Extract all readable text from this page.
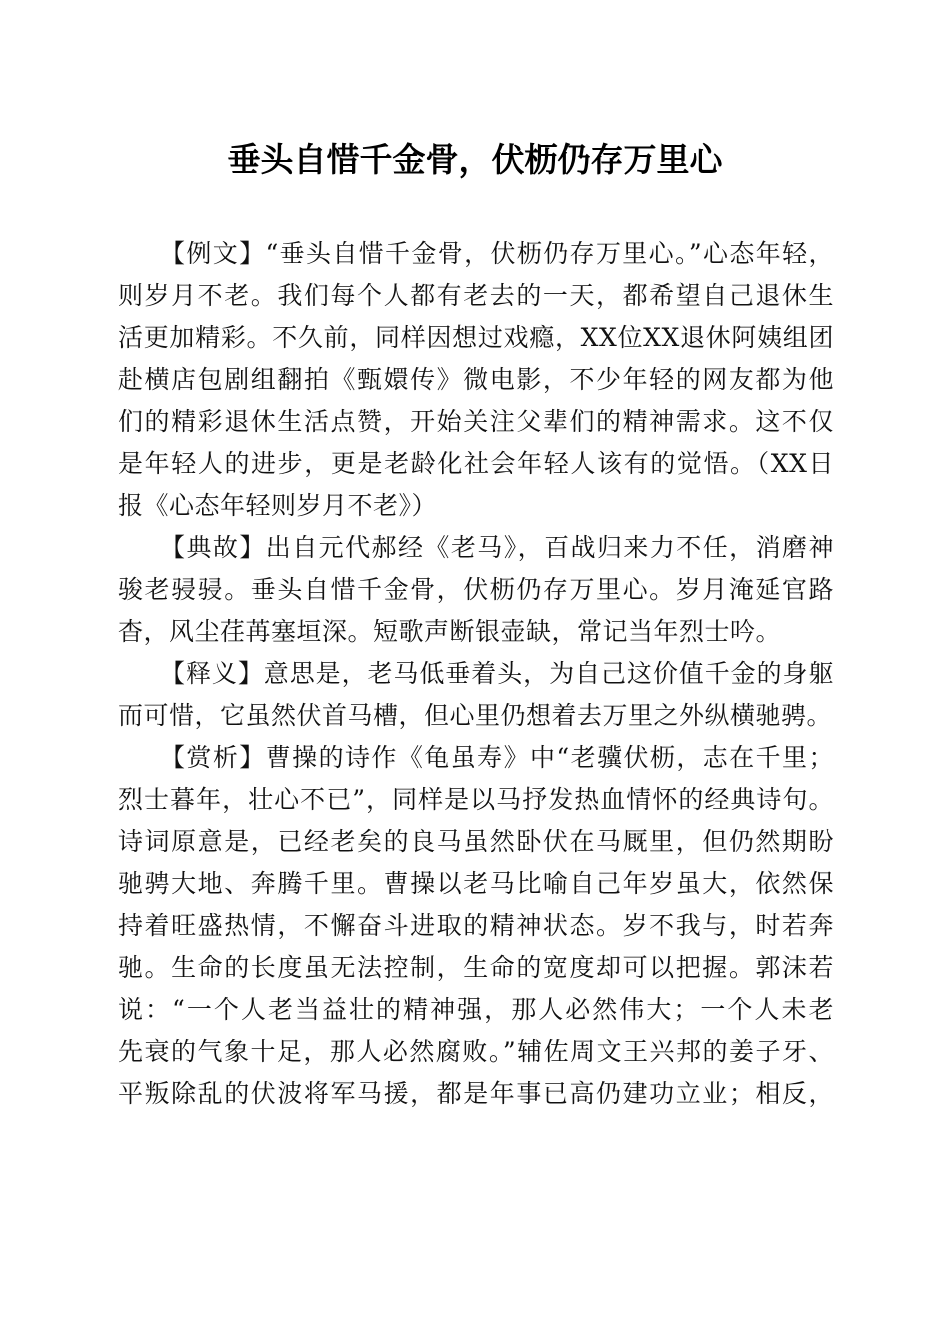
垂头自惜千金骨，伏枥仍存万里心
【例文】“垂头自惜千金骨，伏枥仍存万里心。”心态年轻，
则岁月不老。我们每个人都有老去的一天，都希望自己退休生
活更加精彩。不久前，同样因想过戏瘾，XX位XX退休阿姨组团
赴横店包剧组翻拍《甄嬛传》微电影，不少年轻的网友都为他
们的精彩退休生活点赞，开始关注父辈们的精神需求。这不仅
是年轻人的进步，更是老龄化社会年轻人该有的觉悟。（XX日
报《心态年轻则岁月不老》）
【典故】出自元代郝经《老马》，百战归来力不任，消磨神
骏老骎骎。垂头自惜千金骨，伏枥仍存万里心。岁月淹延官路
杳，风尘荏苒塞垣深。短歌声断银壶缺，常记当年烈士吟。
【释义】意思是，老马低垂着头，为自己这价值千金的身躯
而可惜，它虽然伏首马槽，但心里仍想着去万里之外纵横驰骋。
【赏析】曹操的诗作《龟虽寿》中“老骥伏枥，志在千里；
烈士暮年，壮心不已”，同样是以马抒发热血情怀的经典诗句。
诗词原意是，已经老矣的良马虽然卧伏在马厩里，但仍然期盼
驰骋大地、奔腾千里。曹操以老马比喻自己年岁虽大，依然保
持着旺盛热情，不懈奋斗进取的精神状态。岁不我与，时若奔
驰。生命的长度虽无法控制，生命的宽度却可以把握。郭沫若
说：“一个人老当益壮的精神强，那人必然伟大；一个人未老
先衰的气象十足，那人必然腐败。”辅佐周文王兴邦的姜子牙、
平叛除乱的伏波将军马援，都是年事已高仍建功立业；相反，
